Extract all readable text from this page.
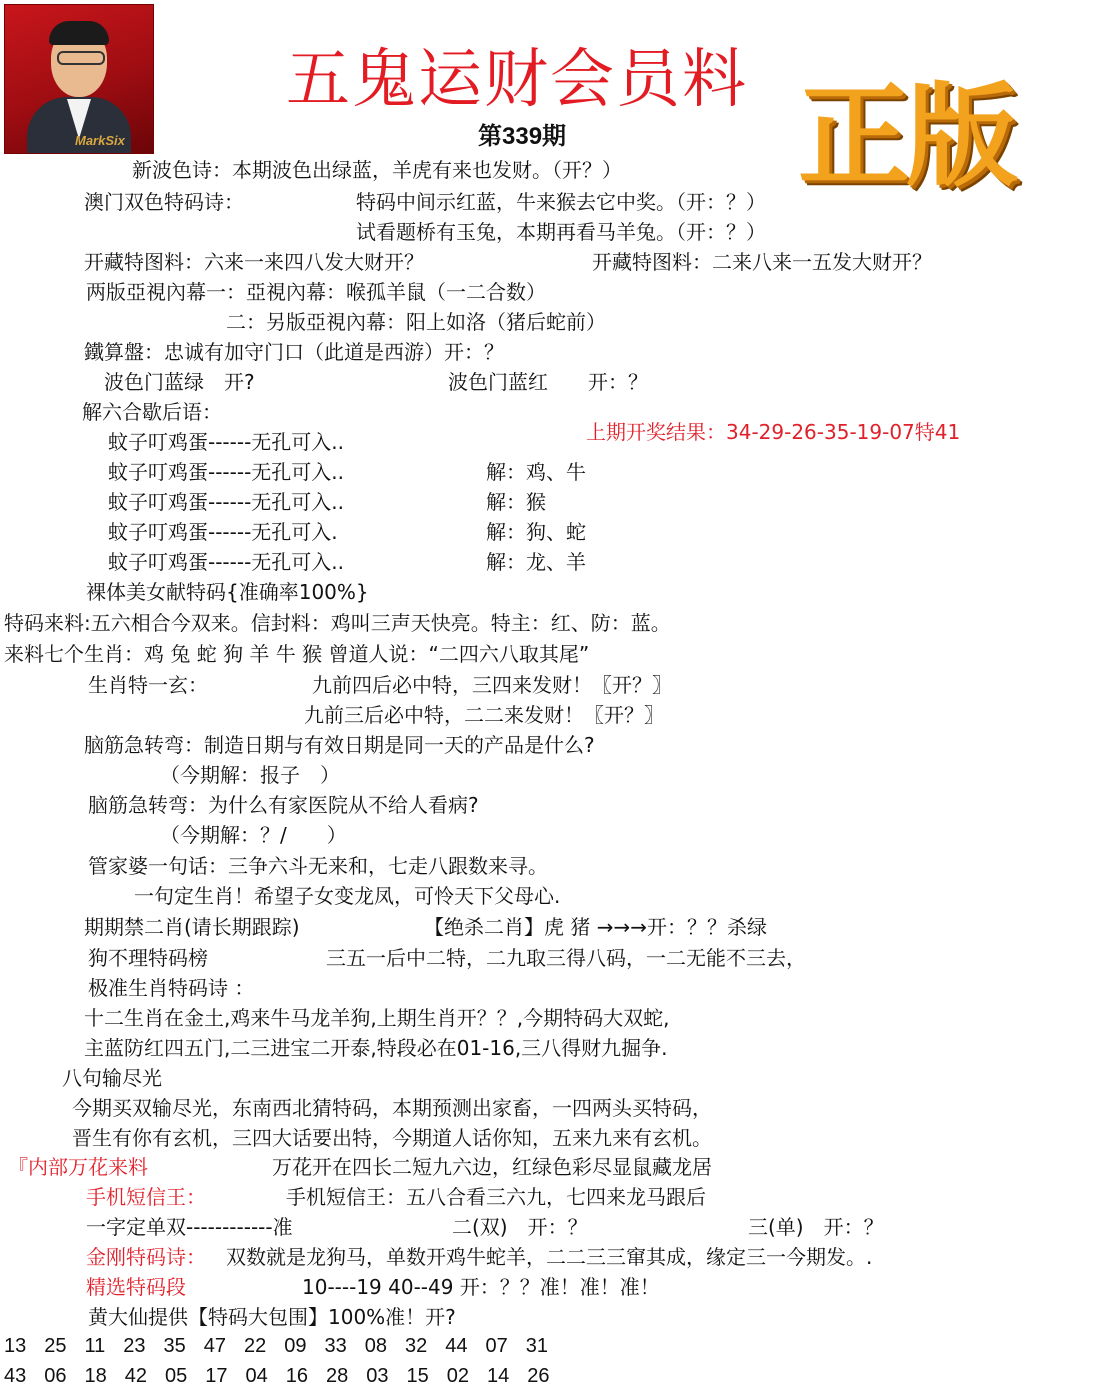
MarkSix
五鬼运财会员料
第339期 正版
新波色诗：本期波色出绿蓝，羊虎有来也发财。（开？）
澳门双色特码诗：	特码中间示红蓝，牛来猴去它中奖。（开：？）
试看题桥有玉兔，本期再看马羊兔。（开：？）
开藏特图料：六来一来四八发大财开？	开藏特图料：二来八来一五发大财开？
两版亞視內幕一：亞視內幕：喉孤羊鼠（一二合数）
二：另版亞視內幕：阳上如洛（猪后蛇前）
鐵算盤：忠诚有加守门口（此道是西游）开：？
波色门蓝绿　开?	波色门蓝红　　开：？
解六合歇后语：
上期开奖结果：34-29-26-35-19-07特41
蚊子叮鸡蛋------无孔可入..
蚊子叮鸡蛋------无孔可入..	解：鸡、牛
蚊子叮鸡蛋------无孔可入..	解：猴
蚊子叮鸡蛋------无孔可入.	解：狗、蛇
蚊子叮鸡蛋------无孔可入..	解：龙、羊
裸体美女献特码{准确率100%}
特码来料:五六相合今双来。信封料：鸡叫三声天快亮。特主：红、防：蓝。
来料七个生肖：鸡 兔 蛇 狗 羊 牛 猴 曾道人说：“二四六八取其尾”
生肖特一玄：	九前四后必中特，三四来发财！〖开？〗
九前三后必中特，二二来发财！〖开？〗
脑筋急转弯：制造日期与有效日期是同一天的产品是什么?
（今期解：报子　）
脑筋急转弯：为什么有家医院从不给人看病?
（今期解：？/　　）
管家婆一句话：三争六斗无来和，七走八跟数来寻。
一句定生肖！希望子女变龙凤，可怜天下父母心.
期期禁二肖(请长期跟踪)	【绝杀二肖】虎 猪 →→→开：？？杀绿
狗不理特码榜	三五一后中二特，二九取三得八码，一二无能不三去，
极准生肖特码诗 ：
十二生肖在金土,鸡来牛马龙羊狗,上期生肖开？？,今期特码大双蛇,
主蓝防红四五门,二三进宝二开泰,特段必在01-16,三八得财九掘争.
八句输尽光
今期买双输尽光，东南西北猜特码，本期预测出家畜，一四两头买特码，
晋生有你有玄机，三四大话要出特，今期道人话你知，五来九来有玄机。
『内部万花来料	万花开在四长二短九六边，红绿色彩尽显鼠藏龙居
手机短信王：	手机短信王：五八合看三六九，七四来龙马跟后
一字定单双------------准	二(双)　开：？	三(单)　开：？
金刚特码诗： 双数就是龙狗马，单数开鸡牛蛇羊，二二三三窜其成，缘定三一今期发。.
精选特码段	10----19 40--49 开：？？准！准！准！
黄大仙提供【特码大包围】100%准！开?
13 25 11 23 35 47 22 09 33 08 32 44 07 31
43 06 18 42 05 17 04 16 28 03 15 02 14 26
